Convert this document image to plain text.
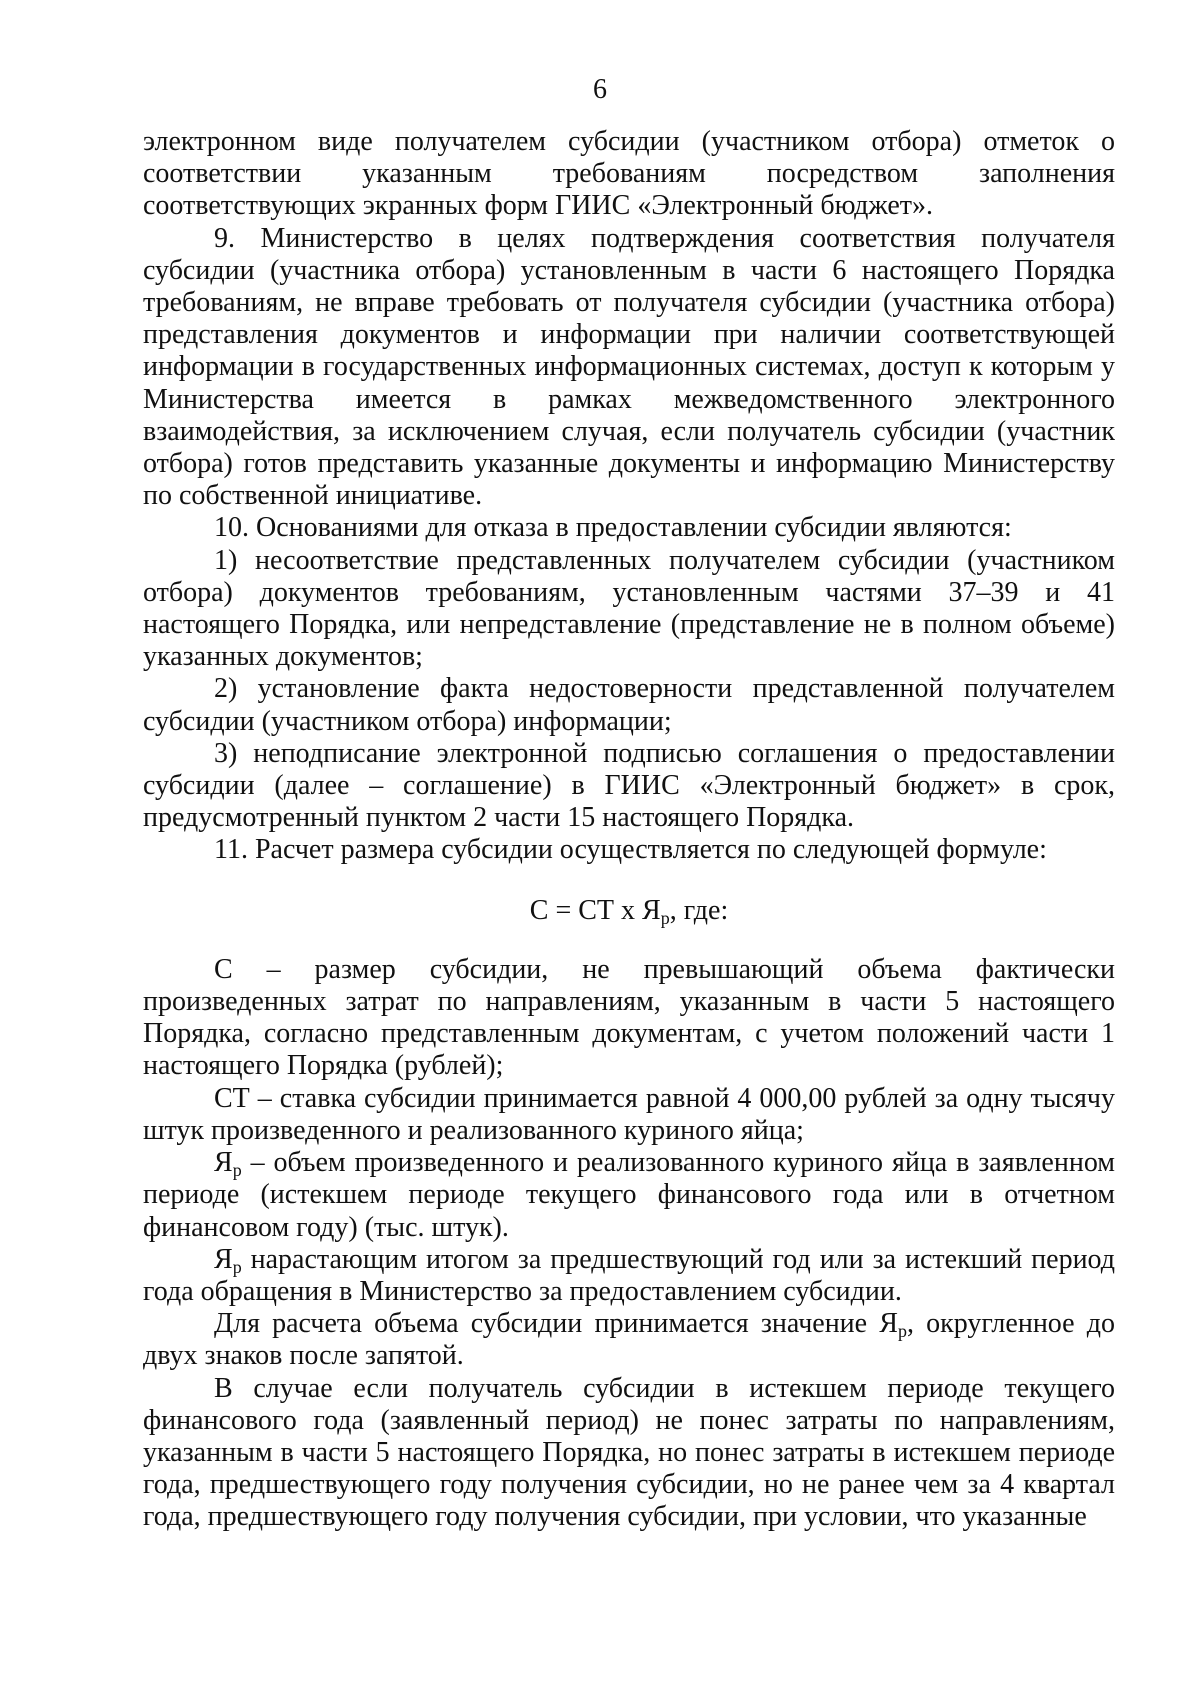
6

электронном виде получателем субсидии (участником отбора) отметок о соответствии указанным требованиям посредством заполнения соответствующих экранных форм ГИИС «Электронный бюджет».

9. Министерство в целях подтверждения соответствия получателя субсидии (участника отбора) установленным в части 6 настоящего Порядка требованиям, не вправе требовать от получателя субсидии (участника отбора) представления документов и информации при наличии соответствующей информации в государственных информационных системах, доступ к которым у Министерства имеется в рамках межведомственного электронного взаимодействия, за исключением случая, если получатель субсидии (участник отбора) готов представить указанные документы и информацию Министерству по собственной инициативе.

10. Основаниями для отказа в предоставлении субсидии являются:

1) несоответствие представленных получателем субсидии (участником отбора) документов требованиям, установленным частями 37–39 и 41 настоящего Порядка, или непредставление (представление не в полном объеме) указанных документов;

2) установление факта недостоверности представленной получателем субсидии (участником отбора) информации;

3) неподписание электронной подписью соглашения о предоставлении субсидии (далее – соглашение) в ГИИС «Электронный бюджет» в срок, предусмотренный пунктом 2 части 15 настоящего Порядка.

11. Расчет размера субсидии осуществляется по следующей формуле:

С = СТ х $Я_р$, где:

С – размер субсидии, не превышающий объема фактически произведенных затрат по направлениям, указанным в части 5 настоящего Порядка, согласно представленным документам, с учетом положений части 1 настоящего Порядка (рублей);

СТ – ставка субсидии принимается равной 4 000,00 рублей за одну тысячу штук произведенного и реализованного куриного яйца;

$Я_р$ – объем произведенного и реализованного куриного яйца в заявленном периоде (истекшем периоде текущего финансового года или в отчетном финансовом году) (тыс. штук).

$Я_р$ нарастающим итогом за предшествующий год или за истекший период года обращения в Министерство за предоставлением субсидии.

Для расчета объема субсидии принимается значение $Я_р$, округленное до двух знаков после запятой.

В случае если получатель субсидии в истекшем периоде текущего финансового года (заявленный период) не понес затраты по направлениям, указанным в части 5 настоящего Порядка, но понес затраты в истекшем периоде года, предшествующего году получения субсидии, но не ранее чем за 4 квартал года, предшествующего году получения субсидии, при условии, что указанные
